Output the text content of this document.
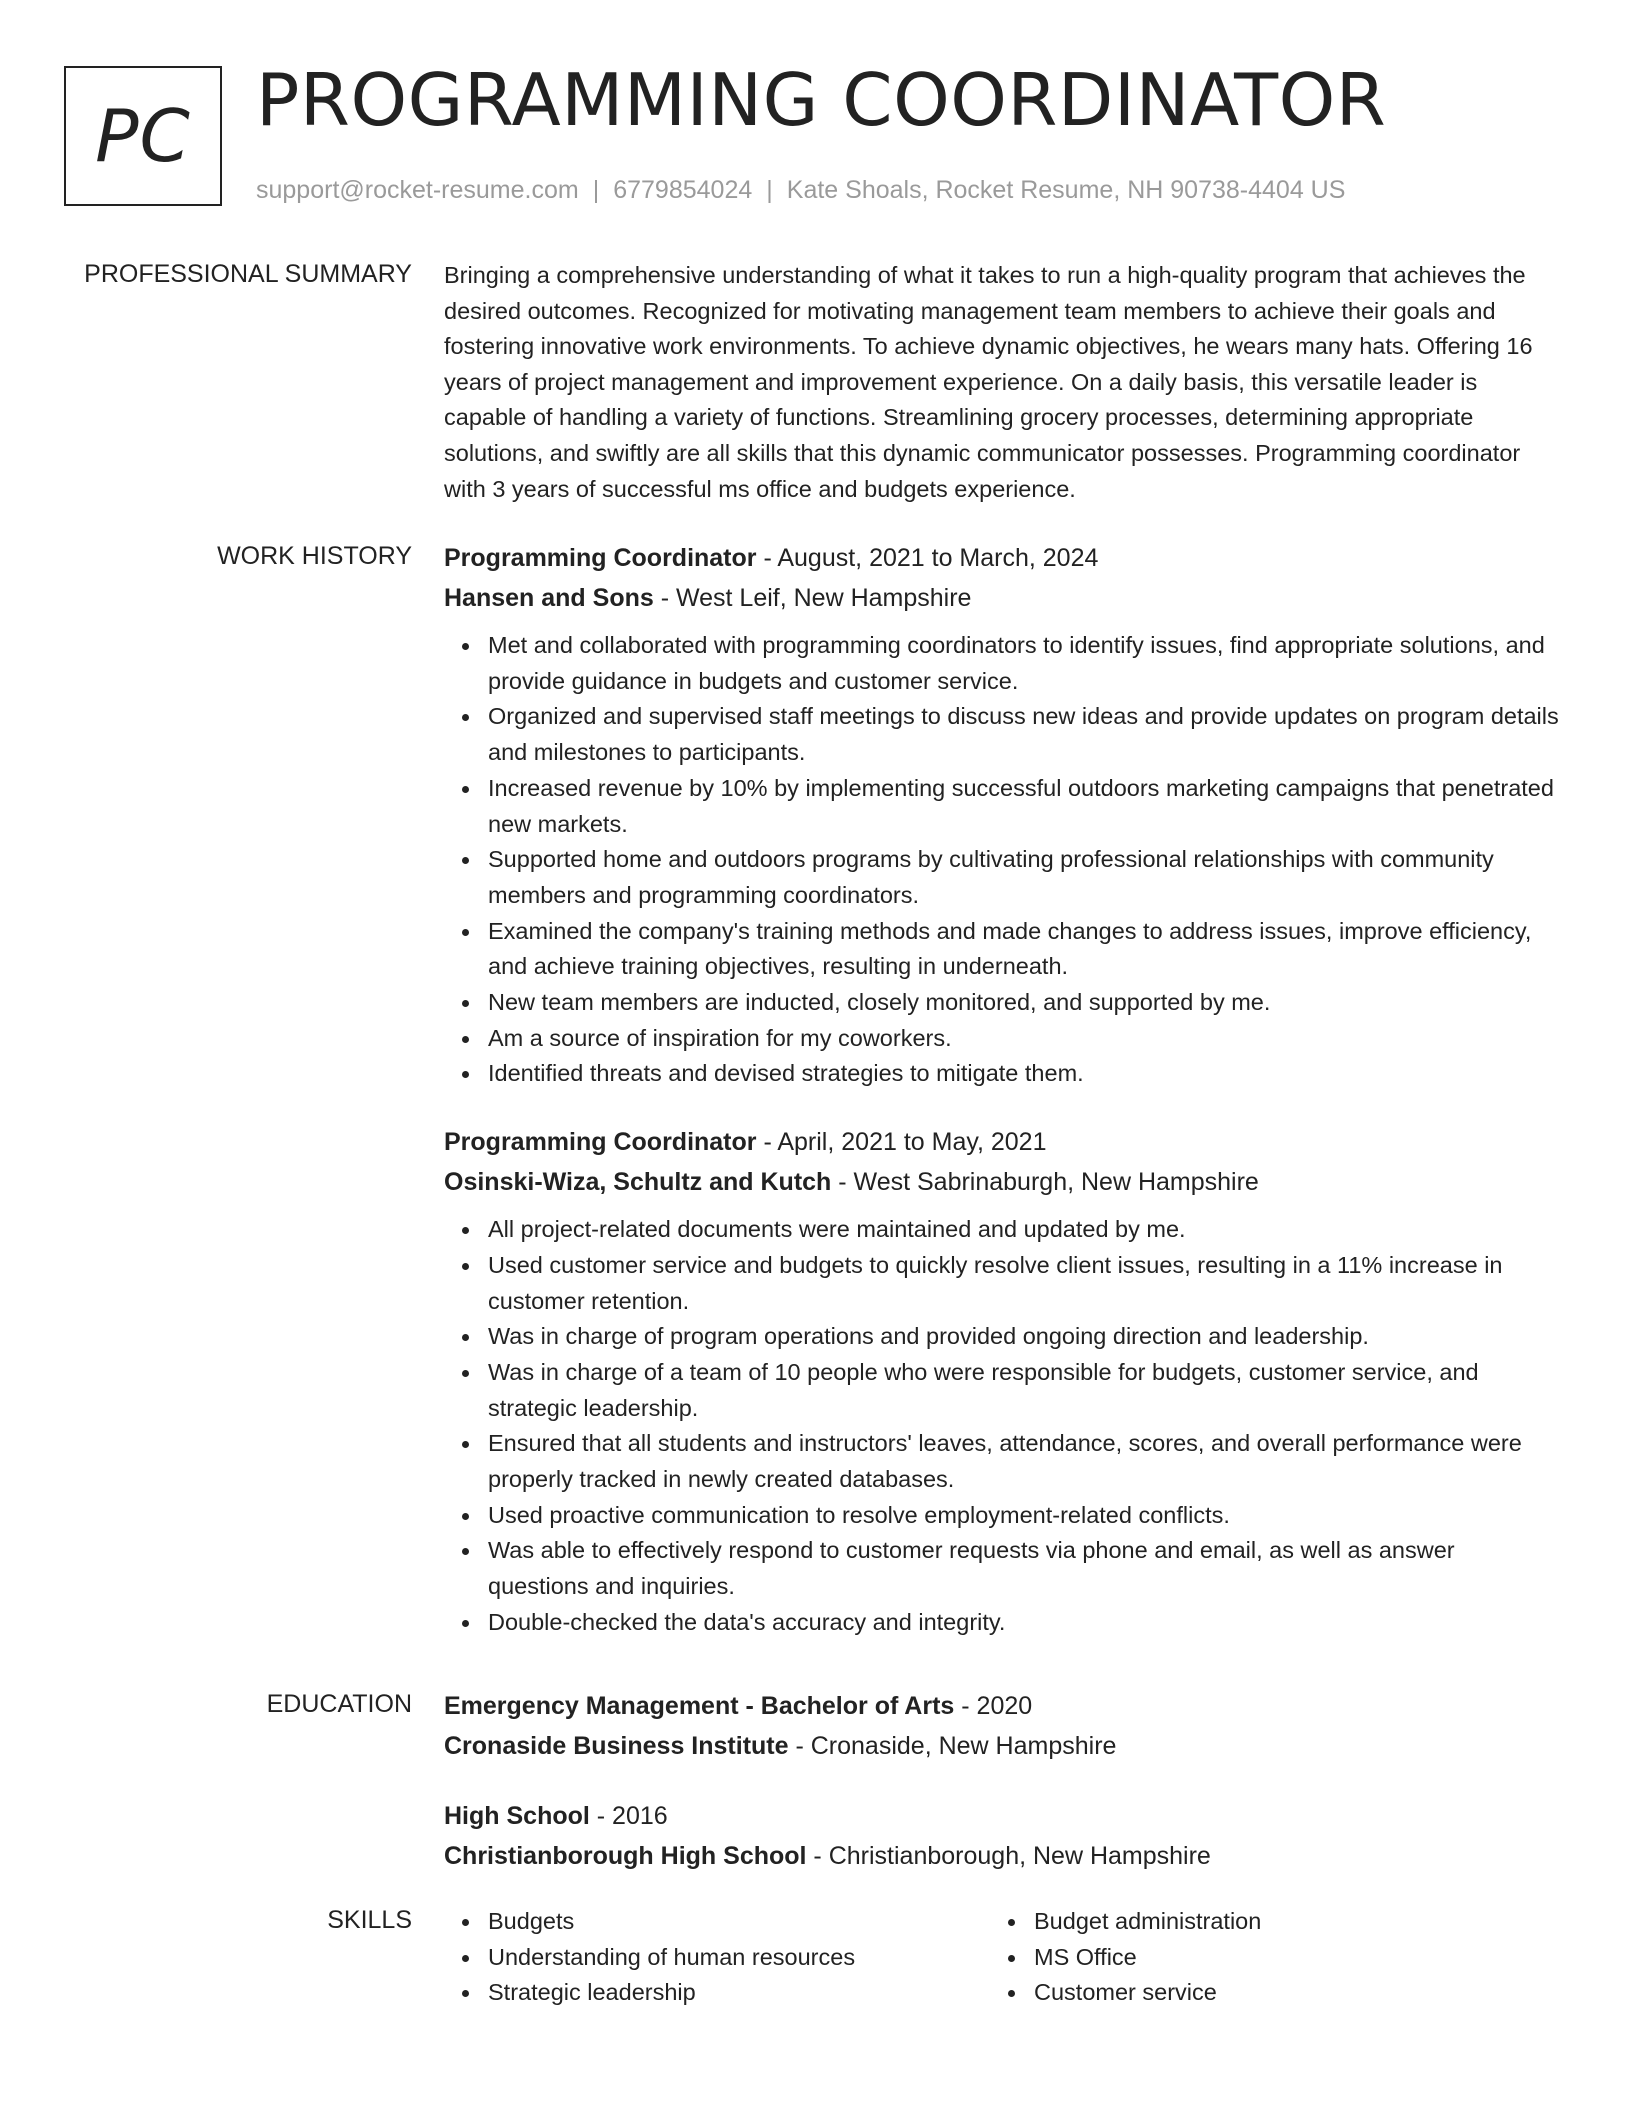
PC PROGRAMMING COORDINATOR
support@rocket-resume.com | 6779854024 | Kate Shoals, Rocket Resume, NH 90738-4404 US
PROFESSIONAL SUMMARY Bringing a comprehensive understanding of what it takes to run a high-quality program that achieves the desired outcomes. Recognized for motivating management team members to achieve their goals and fostering innovative work environments. To achieve dynamic objectives, he wears many hats. Offering 16 years of project management and improvement experience. On a daily basis, this versatile leader is capable of handling a variety of functions. Streamlining grocery processes, determining appropriate solutions, and swiftly are all skills that this dynamic communicator possesses. Programming coordinator with 3 years of successful ms office and budgets experience.

WORK HISTORY Programming Coordinator - August, 2021 to March, 2024
Hansen and Sons - West Leif, New Hampshire
Met and collaborated with programming coordinators to identify issues, find appropriate solutions, and provide guidance in budgets and customer service.
Organized and supervised staff meetings to discuss new ideas and provide updates on program details and milestones to participants.
Increased revenue by 10% by implementing successful outdoors marketing campaigns that penetrated new markets.
Supported home and outdoors programs by cultivating professional relationships with community members and programming coordinators.
Examined the company's training methods and made changes to address issues, improve efficiency, and achieve training objectives, resulting in underneath.
New team members are inducted, closely monitored, and supported by me.
Am a source of inspiration for my coworkers.
Identified threats and devised strategies to mitigate them.
Programming Coordinator - April, 2021 to May, 2021
Osinski-Wiza, Schultz and Kutch - West Sabrinaburgh, New Hampshire
All project-related documents were maintained and updated by me.
Used customer service and budgets to quickly resolve client issues, resulting in a 11% increase in customer retention.
Was in charge of program operations and provided ongoing direction and leadership.
Was in charge of a team of 10 people who were responsible for budgets, customer service, and strategic leadership.
Ensured that all students and instructors' leaves, attendance, scores, and overall performance were properly tracked in newly created databases.
Used proactive communication to resolve employment-related conflicts.
Was able to effectively respond to customer requests via phone and email, as well as answer questions and inquiries.
Double-checked the data's accuracy and integrity.
EDUCATION Emergency Management - Bachelor of Arts - 2020
Cronaside Business Institute - Cronaside, New Hampshire
High School - 2016
Christianborough High School - Christianborough, New Hampshire
SKILLS	Budgets
Understanding of human resources
Strategic leadership
Budget administration
MS Office
Customer service
